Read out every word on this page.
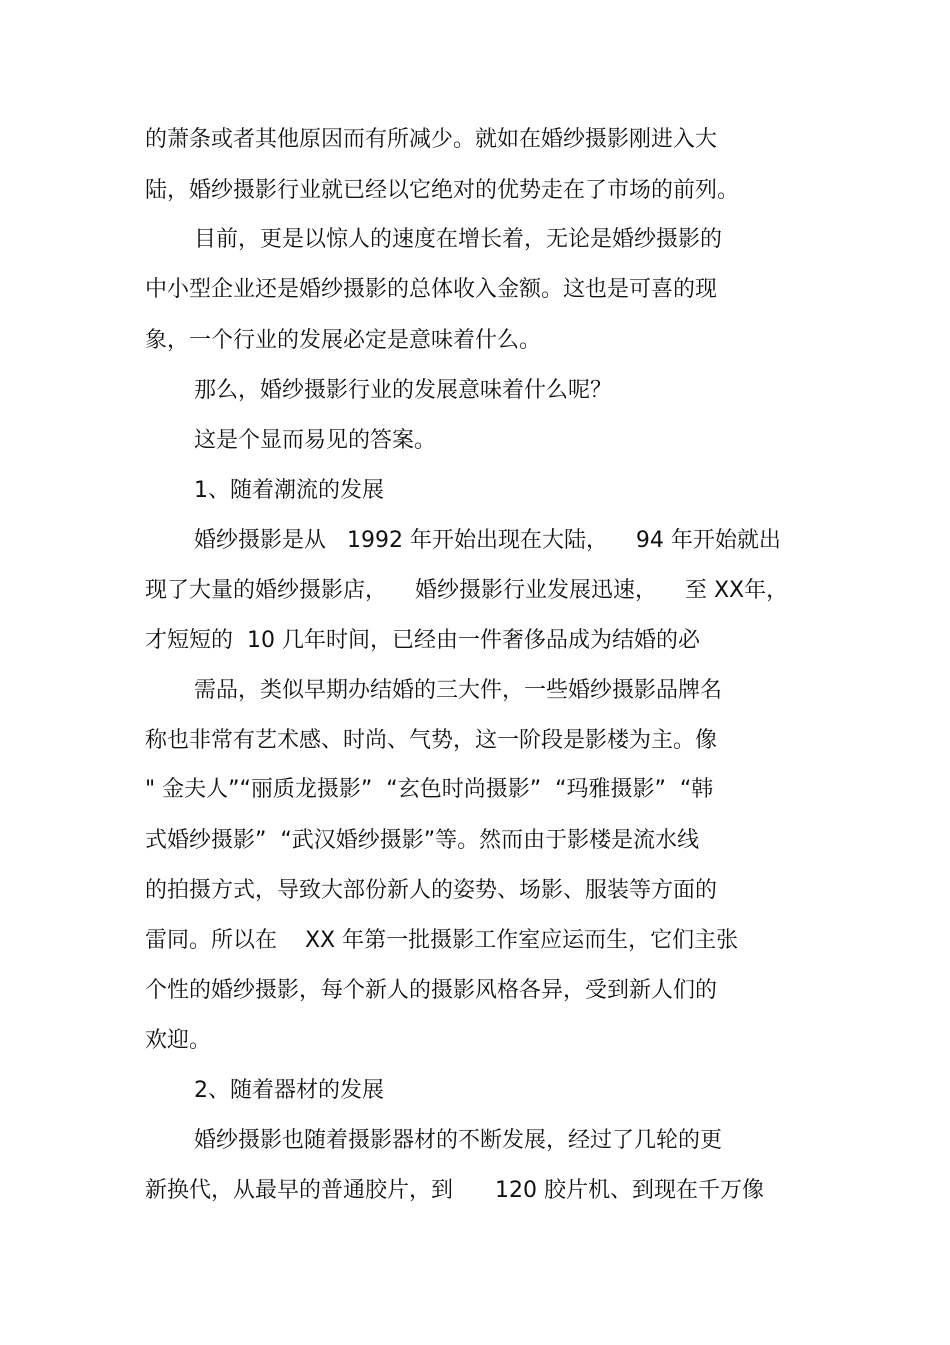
的萧条或者其他原因而有所减少。就如在婚纱摄影刚进入大

陆，婚纱摄影行业就已经以它绝对的优势走在了市场的前列。

目前，更是以惊人的速度在增长着，无论是婚纱摄影的

中小型企业还是婚纱摄影的总体收入金额。这也是可喜的现

象，一个行业的发展必定是意味着什么。

那么，婚纱摄影行业的发展意味着什么呢？

这是个显而易见的答案。

1、随着潮流的发展

婚纱摄影是从   1992 年开始出现在大陆，    94 年开始就出

现了大量的婚纱摄影店，    婚纱摄影行业发展迅速，    至 XX年，

才短短的  10 几年时间，已经由一件奢侈品成为结婚的必

需品，类似早期办结婚的三大件，一些婚纱摄影品牌名

称也非常有艺术感、时尚、气势，这一阶段是影楼为主。像

" 金夫人”“丽质龙摄影”  “玄色时尚摄影”  “玛雅摄影”  “韩

式婚纱摄影”  “武汉婚纱摄影”等。然而由于影楼是流水线

的拍摄方式，导致大部份新人的姿势、场影、服装等方面的

雷同。所以在    XX 年第一批摄影工作室应运而生，它们主张

个性的婚纱摄影，每个新人的摄影风格各异，受到新人们的

欢迎。

2、随着器材的发展

婚纱摄影也随着摄影器材的不断发展，经过了几轮的更

新换代，从最早的普通胶片，到      120 胶片机、到现在千万像
